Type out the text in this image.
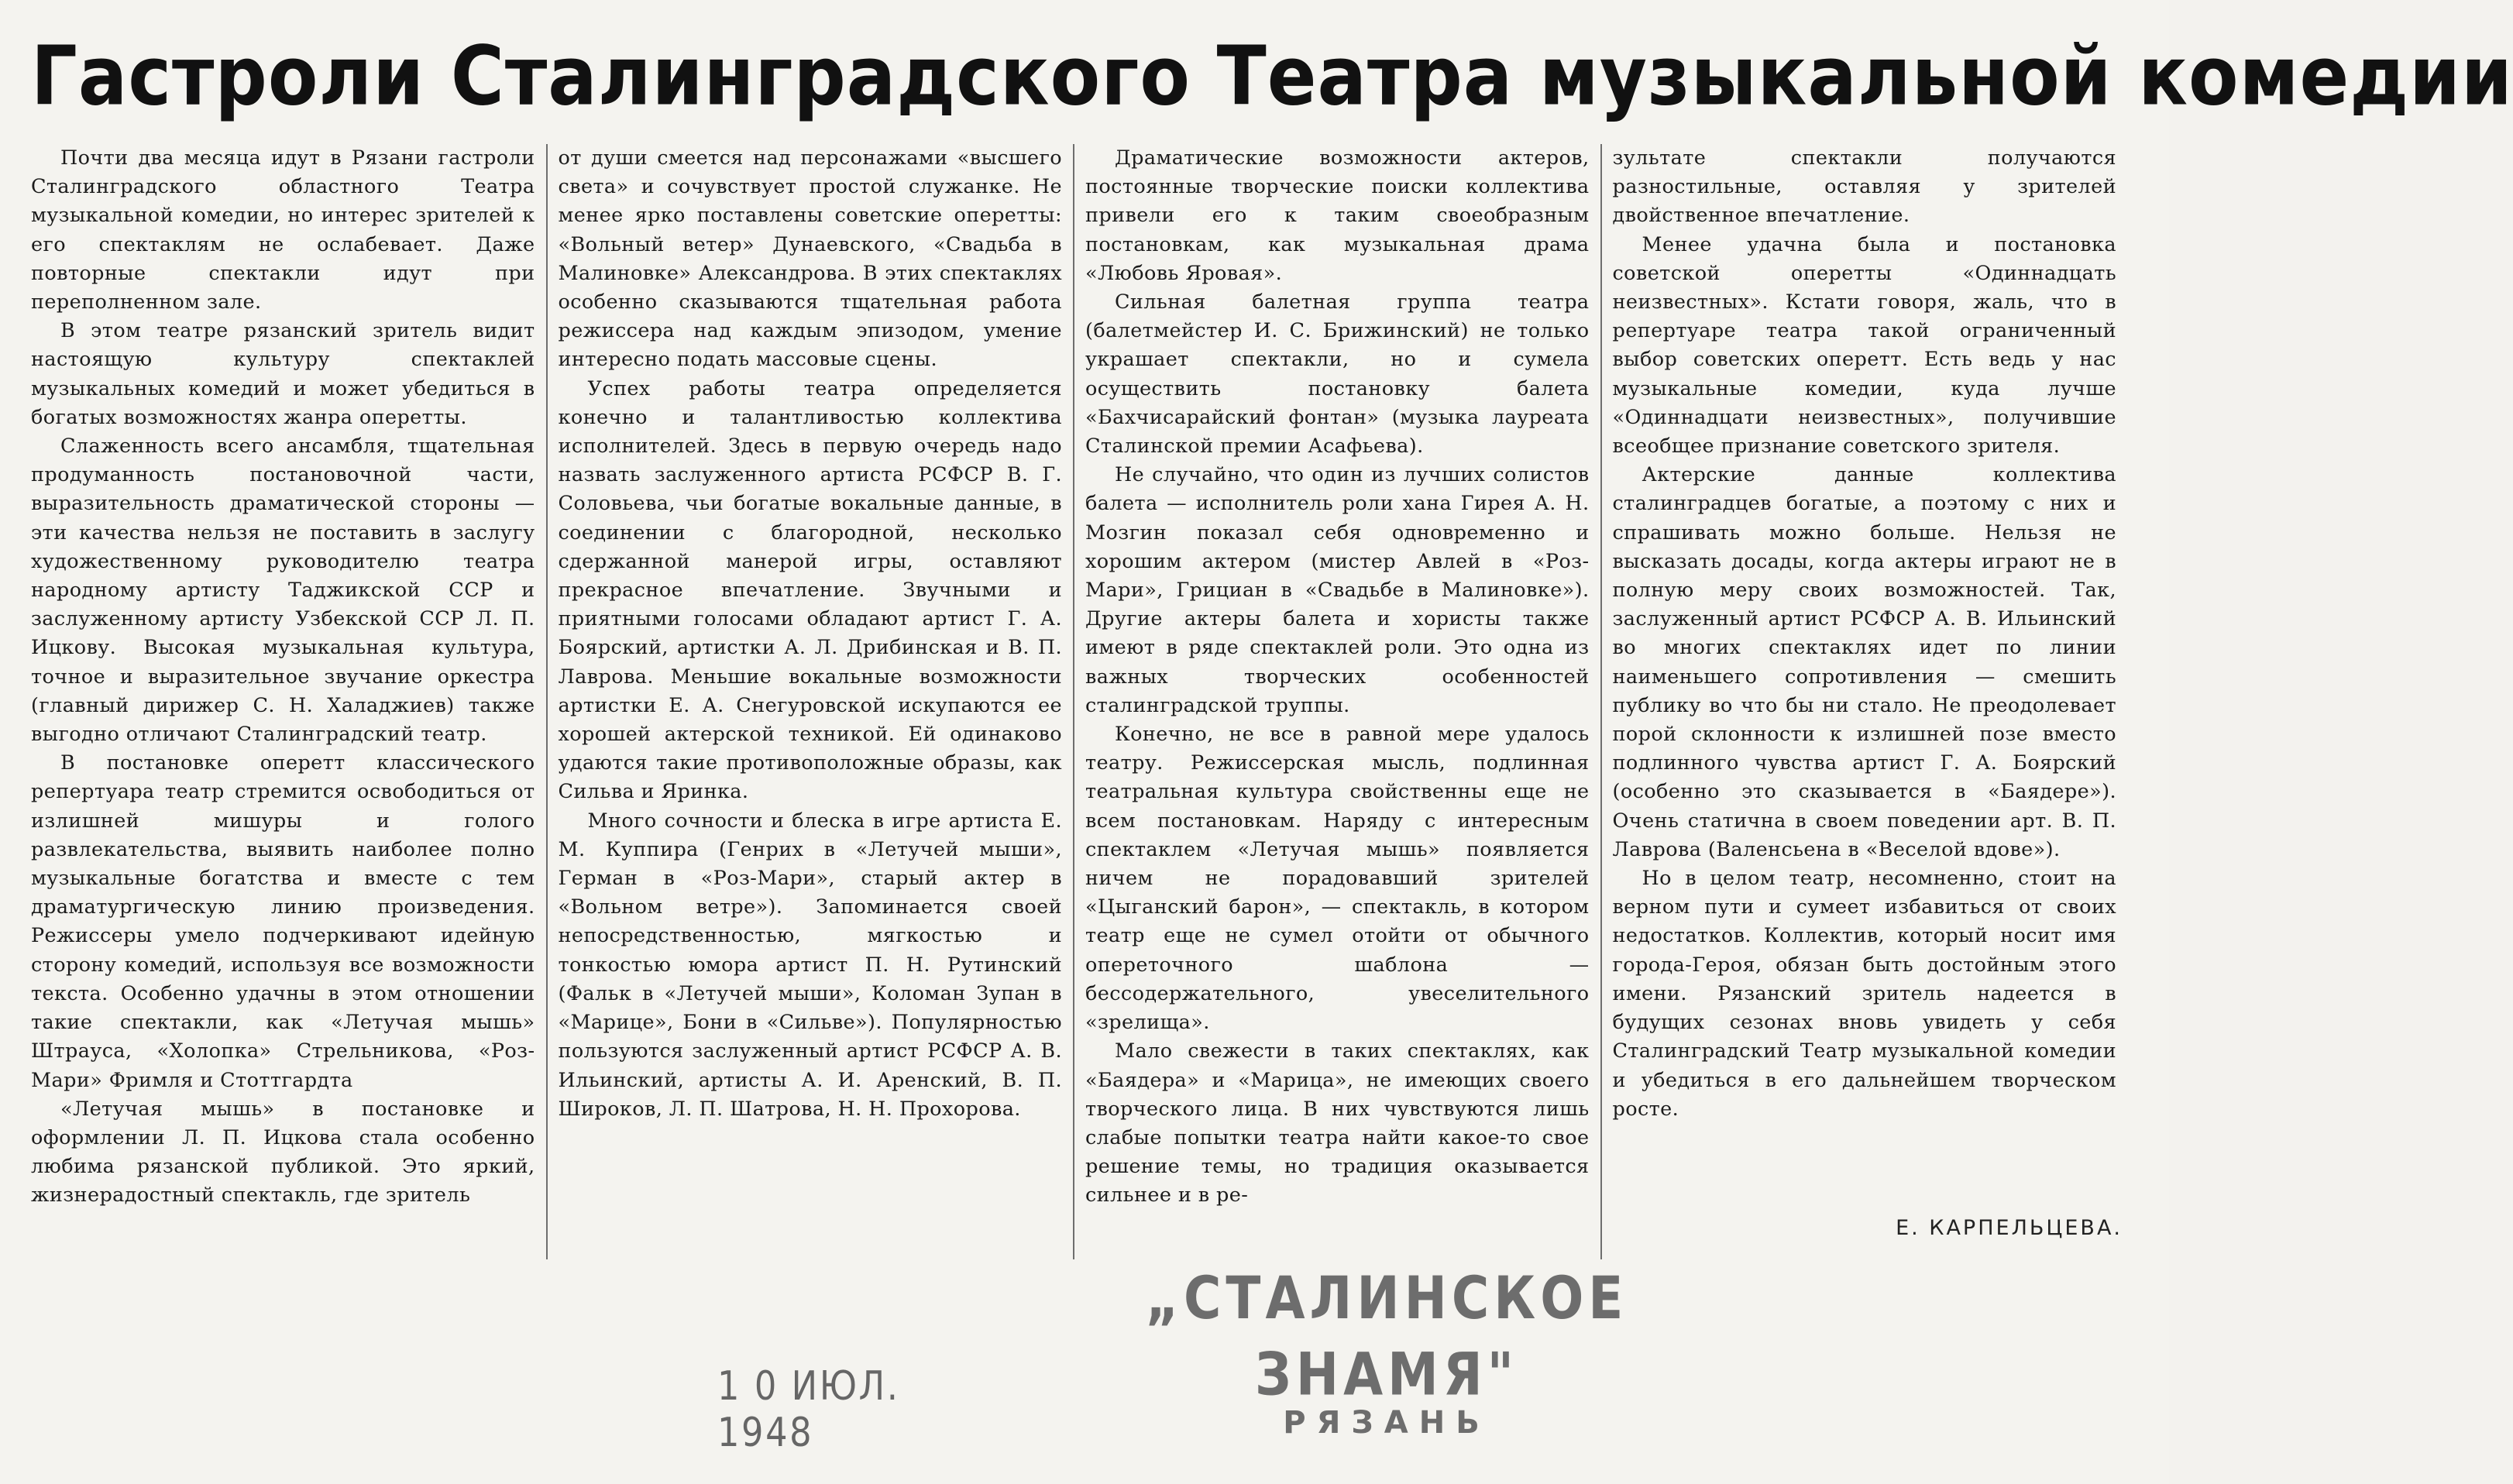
Гастроли Сталинградского Театра музыкальной комедии

Почти два месяца идут в Рязани гастроли Сталинградского областного Театра музыкальной комедии, но интерес зрителей к его спектаклям не ослабевает. Даже повторные спектакли идут при переполненном зале.

В этом театре рязанский зритель видит настоящую культуру спектаклей музыкальных комедий и может убедиться в богатых возможностях жанра оперетты.

Слаженность всего ансамбля, тщательная продуманность постановочной части, выразительность драматической стороны — эти качества нельзя не поставить в заслугу художественному руководителю театра народному артисту Таджикской ССР и заслуженному артисту Узбекской ССР Л. П. Ицкову. Высокая музыкальная культура, точное и выразительное звучание оркестра (главный дирижер С. Н. Халаджиев) также выгодно отличают Сталинградский театр.

В постановке оперетт классического репертуара театр стремится освободиться от излишней мишуры и голого развлекательства, выявить наиболее полно музыкальные богатства и вместе с тем драматургическую линию произведения. Режиссеры умело подчеркивают идейную сторону комедий, используя все возможности текста. Особенно удачны в этом отношении такие спектакли, как «Летучая мышь» Штрауса, «Холопка» Стрельникова, «Роз-Мари» Фримля и Стоттгардта

«Летучая мышь» в постановке и оформлении Л. П. Ицкова стала особенно любима рязанской публикой. Это яркий, жизнерадостный спектакль, где зритель

от души смеется над персонажами «высшего света» и сочувствует простой служанке. Не менее ярко поставлены советские оперетты: «Вольный ветер» Дунаевского, «Свадьба в Малиновке» Александрова. В этих спектаклях особенно сказываются тщательная работа режиссера над каждым эпизодом, умение интересно подать массовые сцены.

Успех работы театра определяется конечно и талантливостью коллектива исполнителей. Здесь в первую очередь надо назвать заслуженного артиста РСФСР В. Г. Соловьева, чьи богатые вокальные данные, в соединении с благородной, несколько сдержанной манерой игры, оставляют прекрасное впечатление. Звучными и приятными голосами обладают артист Г. А. Боярский, артистки А. Л. Дрибинская и В. П. Лаврова. Меньшие вокальные возможности артистки Е. А. Снегуровской искупаются ее хорошей актерской техникой. Ей одинаково удаются такие противоположные образы, как Сильва и Яринка.

Много сочности и блеска в игре артиста Е. М. Куппира (Генрих в «Летучей мыши», Герман в «Роз-Мари», старый актер в «Вольном ветре»). Запоминается своей непосредственностью, мягкостью и тонкостью юмора артист П. Н. Рутинский (Фальк в «Летучей мыши», Коломан Зупан в «Марице», Бони в «Сильве»). Популярностью пользуются заслуженный артист РСФСР А. В. Ильинский, артисты А. И. Аренский, В. П. Широков, Л. П. Шатрова, Н. Н. Прохорова.

Драматические возможности актеров, постоянные творческие поиски коллектива привели его к таким своеобразным постановкам, как музыкальная драма «Любовь Яровая».

Сильная балетная группа театра (балетмейстер И. С. Брижинский) не только украшает спектакли, но и сумела осуществить постановку балета «Бахчисарайский фонтан» (музыка лауреата Сталинской премии Асафьева).

Не случайно, что один из лучших солистов балета — исполнитель роли хана Гирея А. Н. Мозгин показал себя одновременно и хорошим актером (мистер Авлей в «Роз-Мари», Грициан в «Свадьбе в Малиновке»). Другие актеры балета и хористы также имеют в ряде спектаклей роли. Это одна из важных творческих особенностей сталинградской труппы.

Конечно, не все в равной мере удалось театру. Режиссерская мысль, подлинная театральная культура свойственны еще не всем постановкам. Наряду с интересным спектаклем «Летучая мышь» появляется ничем не порадовавший зрителей «Цыганский барон», — спектакль, в котором театр еще не сумел отойти от обычного опереточного шаблона — бессодержательного, увеселительного «зрелища».

Мало свежести в таких спектаклях, как «Баядера» и «Марица», не имеющих своего творческого лица. В них чувствуются лишь слабые попытки театра найти какое-то свое решение темы, но традиция оказывается сильнее и в ре-

зультате спектакли получаются разностильные, оставляя у зрителей двойственное впечатление.

Менее удачна была и постановка советской оперетты «Одиннадцать неизвестных». Кстати говоря, жаль, что в репертуаре театра такой ограниченный выбор советских оперетт. Есть ведь у нас музыкальные комедии, куда лучше «Одиннадцати неизвестных», получившие всеобщее признание советского зрителя.

Актерские данные коллектива сталинградцев богатые, а поэтому с них и спрашивать можно больше. Нельзя не высказать досады, когда актеры играют не в полную меру своих возможностей. Так, заслуженный артист РСФСР А. В. Ильинский во многих спектаклях идет по линии наименьшего сопротивления — смешить публику во что бы ни стало. Не преодолевает порой склонности к излишней позе вместо подлинного чувства артист Г. А. Боярский (особенно это сказывается в «Баядере»). Очень статична в своем поведении арт. В. П. Лаврова (Валенсьена в «Веселой вдове»).

Но в целом театр, несомненно, стоит на верном пути и сумеет избавиться от своих недостатков. Коллектив, который носит имя города-Героя, обязан быть достойным этого имени. Рязанский зритель надеется в будущих сезонах вновь увидеть у себя Сталинградский Театр музыкальной комедии и убедиться в его дальнейшем творческом росте.

Е. КАРПЕЛЬЦЕВА.
„СТАЛИНСКОЕ ЗНАМЯ"
РЯЗАНЬ
1 0 ИЮЛ. 1948
